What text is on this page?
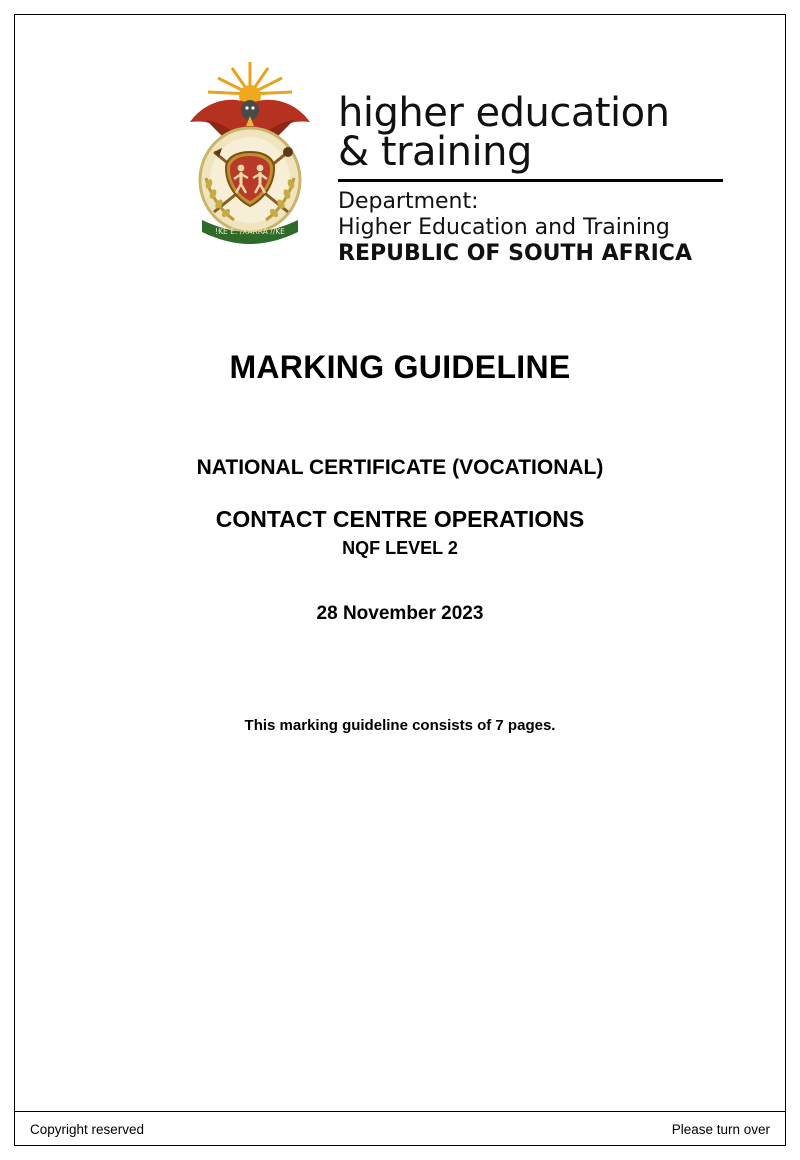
!KE E: /XARRA //KE
higher education
& training
Department:
Higher Education and Training
REPUBLIC OF SOUTH AFRICA
MARKING GUIDELINE
NATIONAL CERTIFICATE (VOCATIONAL)
CONTACT CENTRE OPERATIONS
NQF LEVEL 2
28 November 2023
This marking guideline consists of 7 pages.
Copyright reserved	Please turn over
